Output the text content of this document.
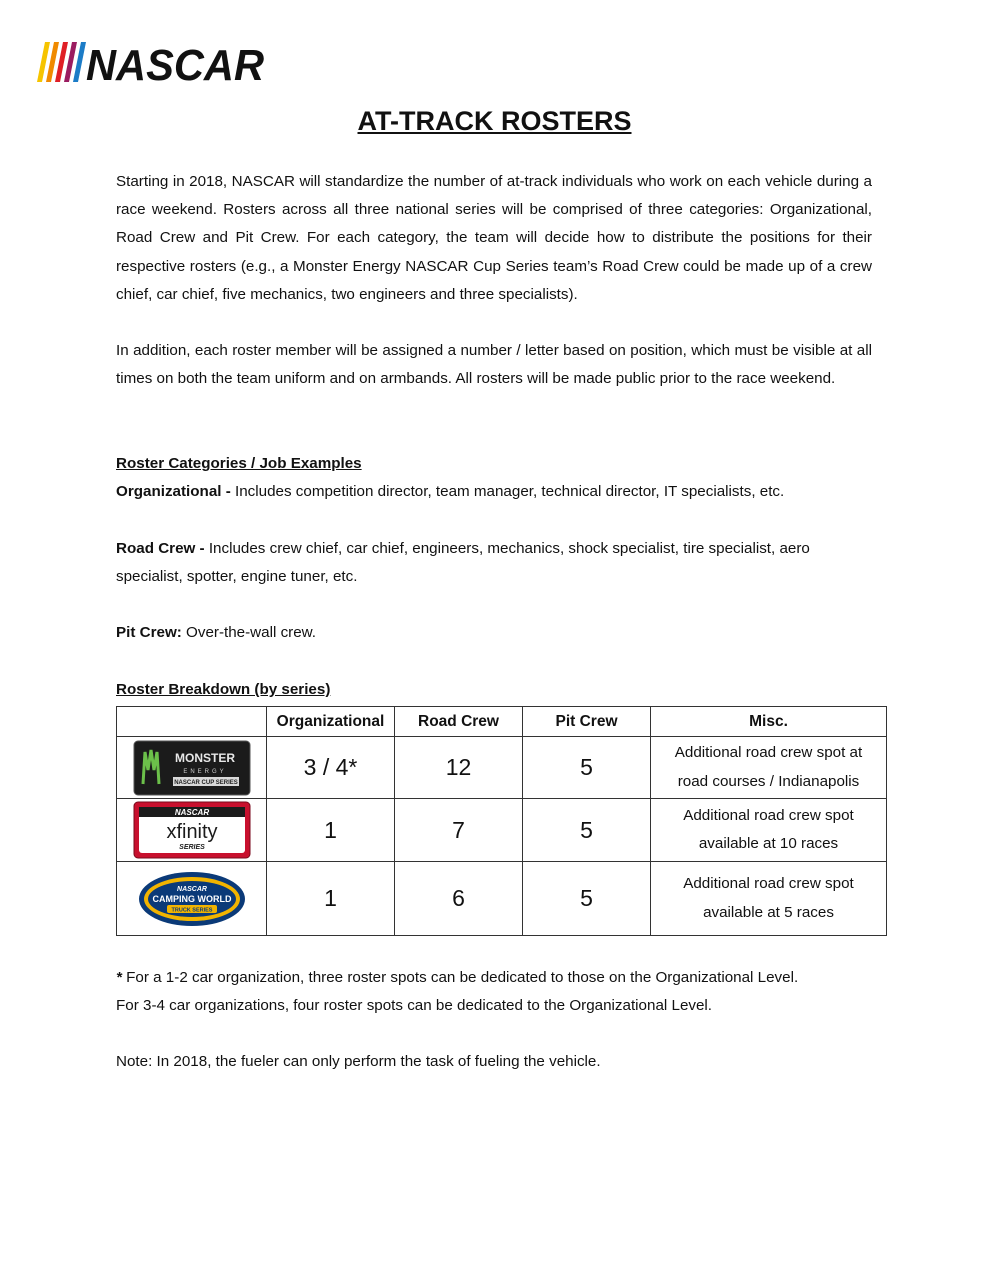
NASCAR
AT-TRACK ROSTERS
Starting in 2018, NASCAR will standardize the number of at-track individuals who work on each vehicle during a race weekend. Rosters across all three national series will be comprised of three categories: Organizational, Road Crew and Pit Crew. For each category, the team will decide how to distribute the positions for their respective rosters (e.g., a Monster Energy NASCAR Cup Series team’s Road Crew could be made up of a crew chief, car chief, five mechanics, two engineers and three specialists).
In addition, each roster member will be assigned a number / letter based on position, which must be visible at all times on both the team uniform and on armbands. All rosters will be made public prior to the race weekend.
Roster Categories / Job Examples
Organizational - Includes competition director, team manager, technical director, IT specialists, etc.
Road Crew - Includes crew chief, car chief, engineers, mechanics, shock specialist, tire specialist, aero specialist, spotter, engine tuner, etc.
Pit Crew: Over-the-wall crew.
Roster Breakdown (by series)
	Organizational	Road Crew	Pit Crew	Misc.

MONSTER
ENERGY
NASCAR CUP SERIES	3 / 4*	12	5	Additional road crew spot at road courses / Indianapolis

NASCAR
xfinity
SERIES	1	7	5	Additional road crew spot available at 10 races

NASCAR
CAMPING WORLD
TRUCK SERIES	1	6	5	Additional road crew spot available at 5 races
* For a 1-2 car organization, three roster spots can be dedicated to those on the Organizational Level.
For 3-4 car organizations, four roster spots can be dedicated to the Organizational Level.
Note: In 2018, the fueler can only perform the task of fueling the vehicle.
